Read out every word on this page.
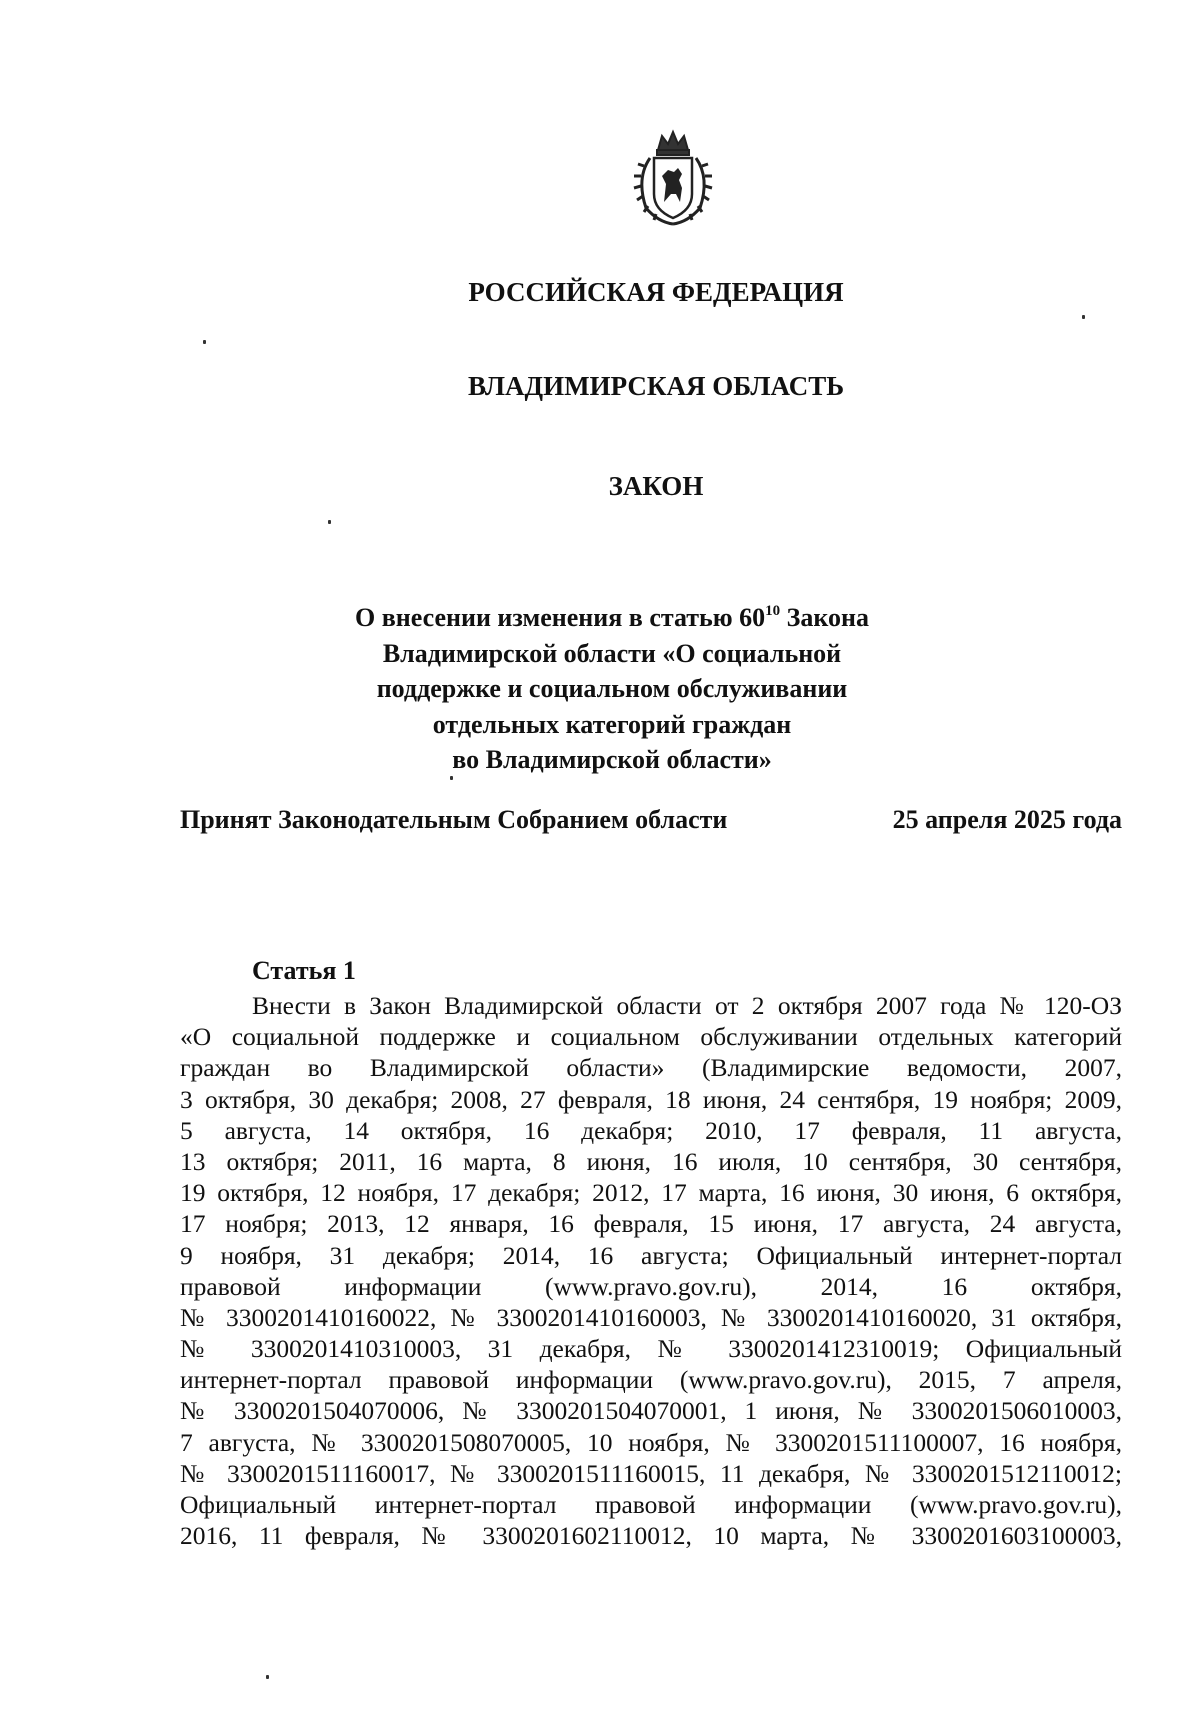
РОССИЙСКАЯ ФЕДЕРАЦИЯ
ВЛАДИМИРСКАЯ ОБЛАСТЬ
ЗАКОН
О внесении изменения в статью $60^{10}$ Закона
Владимирской области «О социальной
поддержке и социальном обслуживании
отдельных категорий граждан
во Владимирской области»
Принят Законодательным Собранием области	25 апреля 2025 года
Статья 1
Внести в Закон Владимирской области от 2 октября 2007 года № 120-ОЗ
«О социальной поддержке и социальном обслуживании отдельных категорий
граждан во Владимирской области» (Владимирские ведомости, 2007,
3 октября, 30 декабря; 2008, 27 февраля, 18 июня, 24 сентября, 19 ноября; 2009,
5 августа, 14 октября, 16 декабря; 2010, 17 февраля, 11 августа,
13 октября; 2011, 16 марта, 8 июня, 16 июля, 10 сентября, 30 сентября,
19 октября, 12 ноября, 17 декабря; 2012, 17 марта, 16 июня, 30 июня, 6 октября,
17 ноября; 2013, 12 января, 16 февраля, 15 июня, 17 августа, 24 августа,
9 ноября, 31 декабря; 2014, 16 августа; Официальный интернет-портал
правовой информации (www.pravo.gov.ru), 2014, 16 октября,
№ 3300201410160022, № 3300201410160003, № 3300201410160020, 31 октября,
№ 3300201410310003, 31 декабря, № 3300201412310019; Официальный
интернет-портал правовой информации (www.pravo.gov.ru), 2015, 7 апреля,
№ 3300201504070006, № 3300201504070001, 1 июня, № 3300201506010003,
7 августа, № 3300201508070005, 10 ноября, № 3300201511100007, 16 ноября,
№ 3300201511160017, № 3300201511160015, 11 декабря, № 3300201512110012;
Официальный интернет-портал правовой информации (www.pravo.gov.ru),
2016, 11 февраля, № 3300201602110012, 10 марта, № 3300201603100003,
